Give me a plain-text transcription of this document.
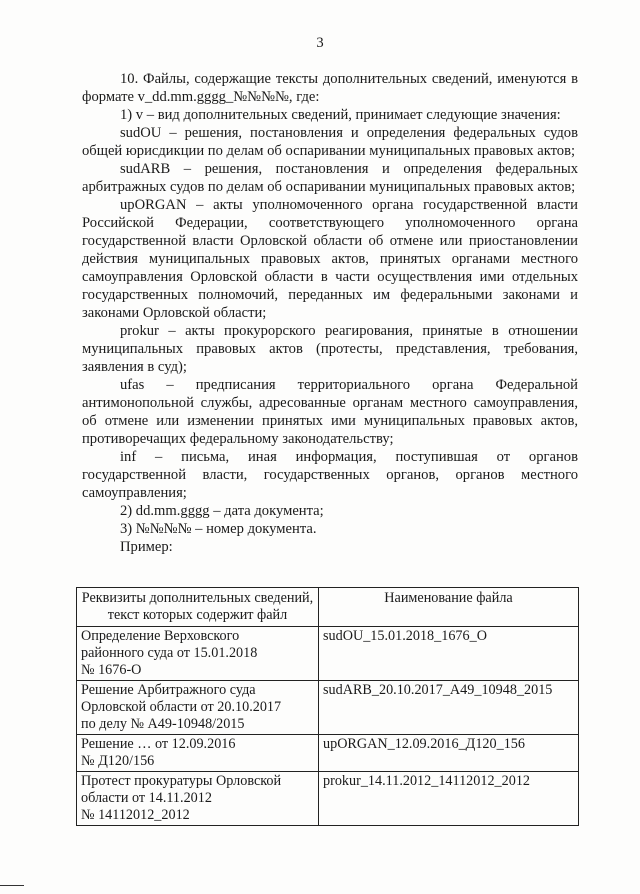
3

10. Файлы, содержащие тексты дополнительных сведений, именуются в формате v_dd.mm.gggg_№№№№, где:

1) v – вид дополнительных сведений, принимает следующие значения:

sudOU – решения, постановления и определения федеральных судов общей юрисдикции по делам об оспаривании муниципальных правовых актов;

sudARB – решения, постановления и определения федеральных арбитражных судов по делам об оспаривании муниципальных правовых актов;

upORGAN – акты уполномоченного органа государственной власти Российской Федерации, соответствующего уполномоченного органа государственной власти Орловской области об отмене или приостановлении действия муниципальных правовых актов, принятых органами местного самоуправления Орловской области в части осуществления ими отдельных государственных полномочий, переданных им федеральными законами и законами Орловской области;

prokur – акты прокурорского реагирования, принятые в отношении муниципальных правовых актов (протесты, представления, требования, заявления в суд);

ufas – предписания территориального органа Федеральной антимонопольной службы, адресованные органам местного самоуправления, об отмене или изменении принятых ими муниципальных правовых актов, противоречащих федеральному законодательству;

inf – письма, иная информация, поступившая от органов государственной власти, государственных органов, органов местного самоуправления;

2) dd.mm.gggg – дата документа;

3) №№№№ – номер документа.

Пример:

Реквизиты дополнительных сведений, текст которых содержит файл	Наименование файла

Определение Верховского
районного суда от 15.01.2018
№ 1676-О	sudOU_15.01.2018_1676_O

Решение Арбитражного суда
Орловской области от 20.10.2017
по делу № А49-10948/2015	sudARB_20.10.2017_A49_10948_2015

Решение … от 12.09.2016
№ Д120/156	upORGAN_12.09.2016_Д120_156

Протест прокуратуры Орловской
области от 14.11.2012
№ 14112012_2012	prokur_14.11.2012_14112012_2012
